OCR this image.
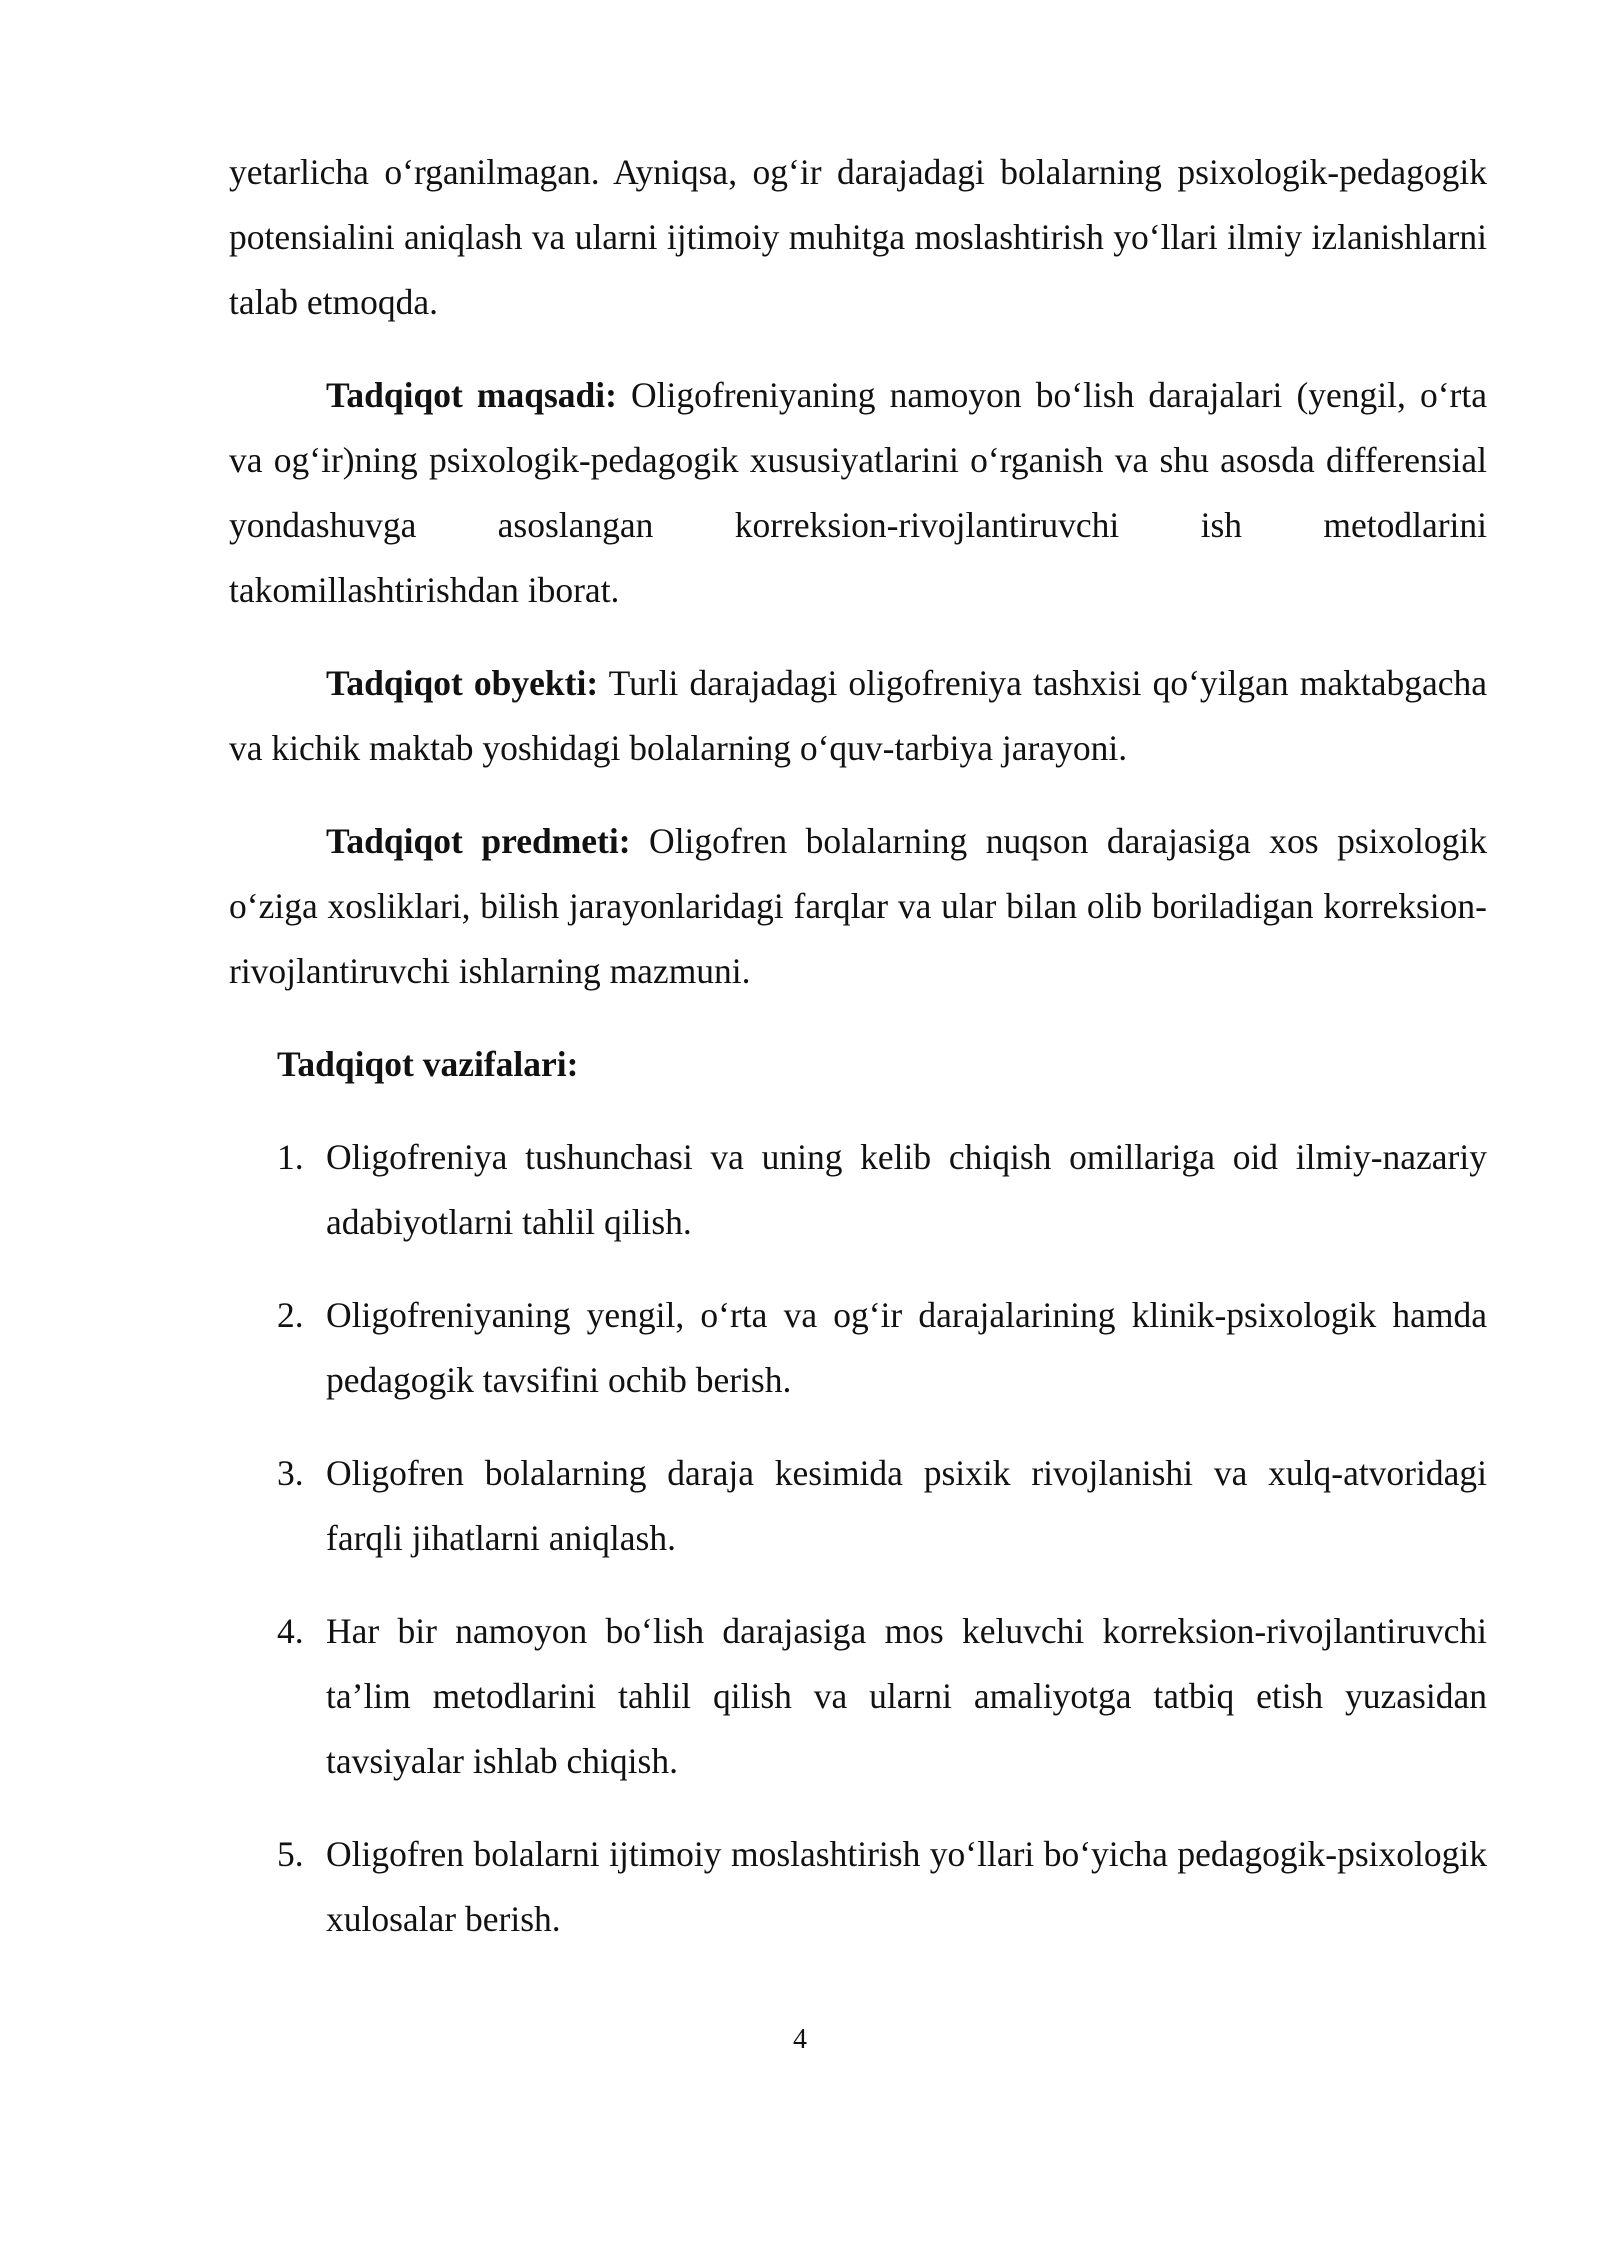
yetarlicha o‘rganilmagan. Ayniqsa, og‘ir darajadagi bolalarning psixologik-pedagogik potensialini aniqlash va ularni ijtimoiy muhitga moslashtirish yo‘llari ilmiy izlanishlarni talab etmoqda.

Tadqiqot maqsadi: Oligofreniyaning namoyon bo‘lish darajalari (yengil, o‘rta va og‘ir)ning psixologik-pedagogik xususiyatlarini o‘rganish va shu asosda differensial yondashuvga asoslangan korreksion-rivojlantiruvchi ish metodlarini takomillashtirishdan iborat.

Tadqiqot obyekti: Turli darajadagi oligofreniya tashxisi qo‘yilgan maktabgacha va kichik maktab yoshidagi bolalarning o‘quv-tarbiya jarayoni.

Tadqiqot predmeti: Oligofren bolalarning nuqson darajasiga xos psixologik o‘ziga xosliklari, bilish jarayonlaridagi farqlar va ular bilan olib boriladigan korreksion-rivojlantiruvchi ishlarning mazmuni.

Tadqiqot vazifalari:

1. Oligofreniya tushunchasi va uning kelib chiqish omillariga oid ilmiy-nazariy adabiyotlarni tahlil qilish.
2. Oligofreniyaning yengil, o‘rta va og‘ir darajalarining klinik-psixologik hamda pedagogik tavsifini ochib berish.
3. Oligofren bolalarning daraja kesimida psixik rivojlanishi va xulq-atvoridagi farqli jihatlarni aniqlash.
4. Har bir namoyon bo‘lish darajasiga mos keluvchi korreksion-rivojlantiruvchi ta’lim metodlarini tahlil qilish va ularni amaliyotga tatbiq etish yuzasidan tavsiyalar ishlab chiqish.
5. Oligofren bolalarni ijtimoiy moslashtirish yo‘llari bo‘yicha pedagogik-psixologik xulosalar berish.
4
